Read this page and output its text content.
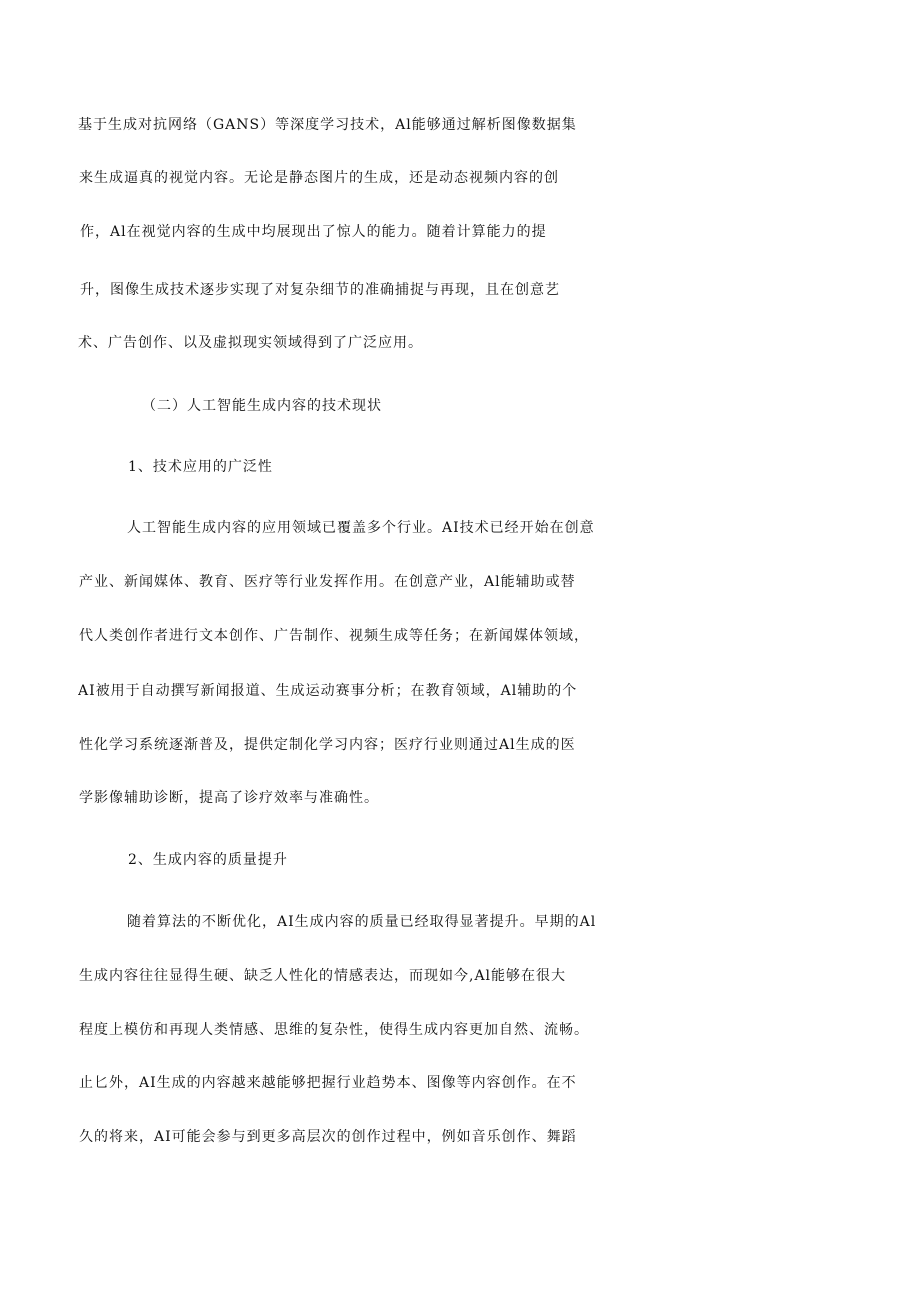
基于生成对抗网络（GANS）等深度学习技术，Al能够通过解析图像数据集
来生成逼真的视觉内容。无论是静态图片的生成，还是动态视频内容的创
作，Al在视觉内容的生成中均展现出了惊人的能力。随着计算能力的提
升，图像生成技术逐步实现了对复杂细节的准确捕捉与再现，且在创意艺
术、广告创作、以及虚拟现实领域得到了广泛应用。
（二）人工智能生成内容的技术现状
1、技术应用的广泛性
人工智能生成内容的应用领域已覆盖多个行业。AI技术已经开始在创意
产业、新闻媒体、教育、医疗等行业发挥作用。在创意产业，Al能辅助或替
代人类创作者进行文本创作、广告制作、视频生成等任务；在新闻媒体领域，
AI被用于自动撰写新闻报道、生成运动赛事分析；在教育领域，Al辅助的个
性化学习系统逐渐普及，提供定制化学习内容；医疗行业则通过Al生成的医
学影像辅助诊断，提高了诊疗效率与准确性。
2、生成内容的质量提升
随着算法的不断优化，AI生成内容的质量已经取得显著提升。早期的Al
生成内容往往显得生硬、缺乏人性化的情感表达，而现如今,Al能够在很大
程度上模仿和再现人类情感、思维的复杂性，使得生成内容更加自然、流畅。
止匕外，AI生成的内容越来越能够把握行业趋势本、图像等内容创作。在不
久的将来，AI可能会参与到更多高层次的创作过程中，例如音乐创作、舞蹈
